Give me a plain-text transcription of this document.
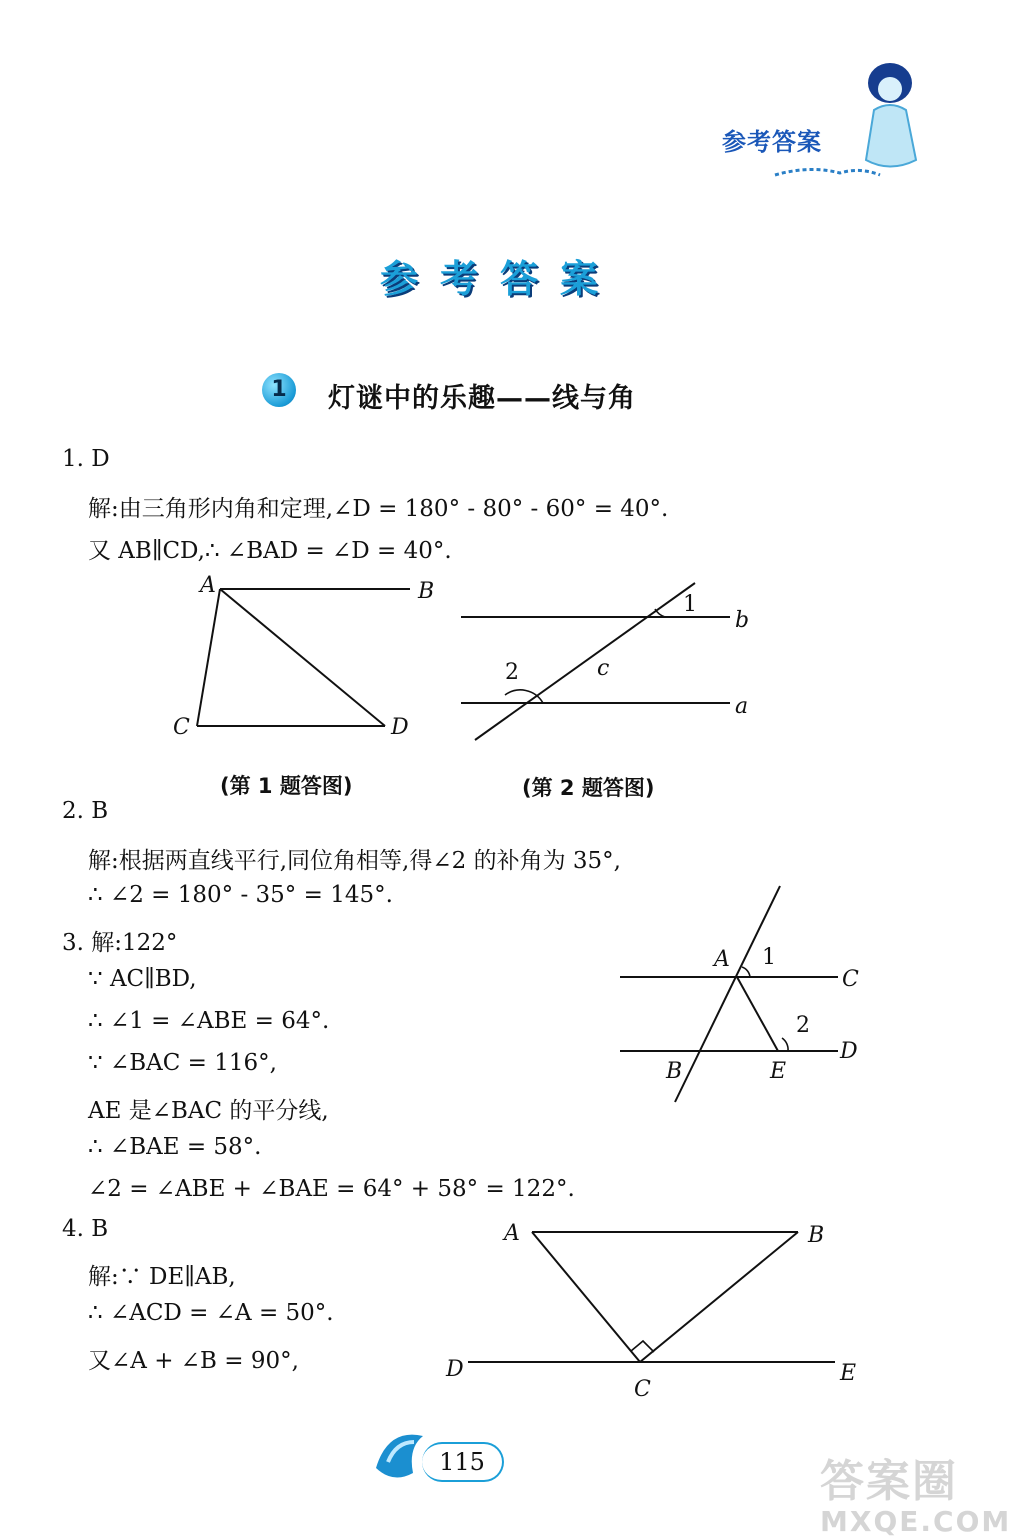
参考答案
参考答案
1	灯谜中的乐趣——线与角
1. D
解:由三角形内角和定理,∠D = 180° - 80° - 60° = 40°.
又 AB∥CD,∴ ∠BAD = ∠D = 40°.
A	B
C	D
(第 1 题答图)
1
b
2	c
a
(第 2 题答图)
2. B
解:根据两直线平行,同位角相等,得∠2 的补角为 35°,
∴ ∠2 = 180° - 35° = 145°.
3. 解:122°
∵ AC∥BD,
∴ ∠1 = ∠ABE = 64°.
∵ ∠BAC = 116°,
AE 是∠BAC 的平分线,
∴ ∠BAE = 58°.
∠2 = ∠ABE + ∠BAE = 64° + 58° = 122°.
A 1
C
2
D
B	E
4. B
解:∵ DE∥AB,
∴ ∠ACD = ∠A = 50°.
又∠A + ∠B = 90°,
A	B
D
C
E
115	答案圈
MXQE.COM
